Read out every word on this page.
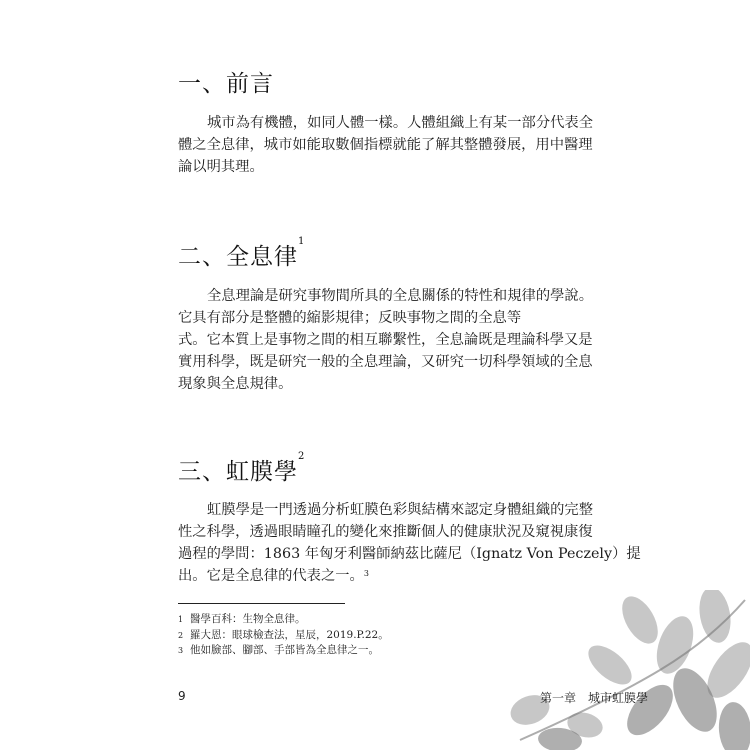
一、前言
城市為有機體，如同人體一樣。人體組織上有某一部分代表全
體之全息律，城市如能取數個指標就能了解其整體發展，用中醫理
論以明其理。
二、全息律$^1$
全息理論是研究事物間所具的全息關係的特性和規律的學說。
它具有部分是整體的縮影規律；反映事物之間的全息等
式。它本質上是事物之間的相互聯繫性，全息論既是理論科學又是
實用科學，既是研究一般的全息理論，又研究一切科學領域的全息
現象與全息規律。
三、虹膜學$^2$
虹膜學是一門透過分析虹膜色彩與結構來認定身體組織的完整
性之科學，透過眼睛瞳孔的變化來推斷個人的健康狀況及窺視康復
過程的學問：1863 年匈牙利醫師納茲比薩尼（Ignatz Von Peczely）提
出。它是全息律的代表之一。$^3$
1 醫學百科：生物全息律。
2 羅大恩：眼球檢查法，星辰，2019.P.22。
3 他如臉部、腳部、手部皆為全息律之一。
9	第一章　城市虹膜學
